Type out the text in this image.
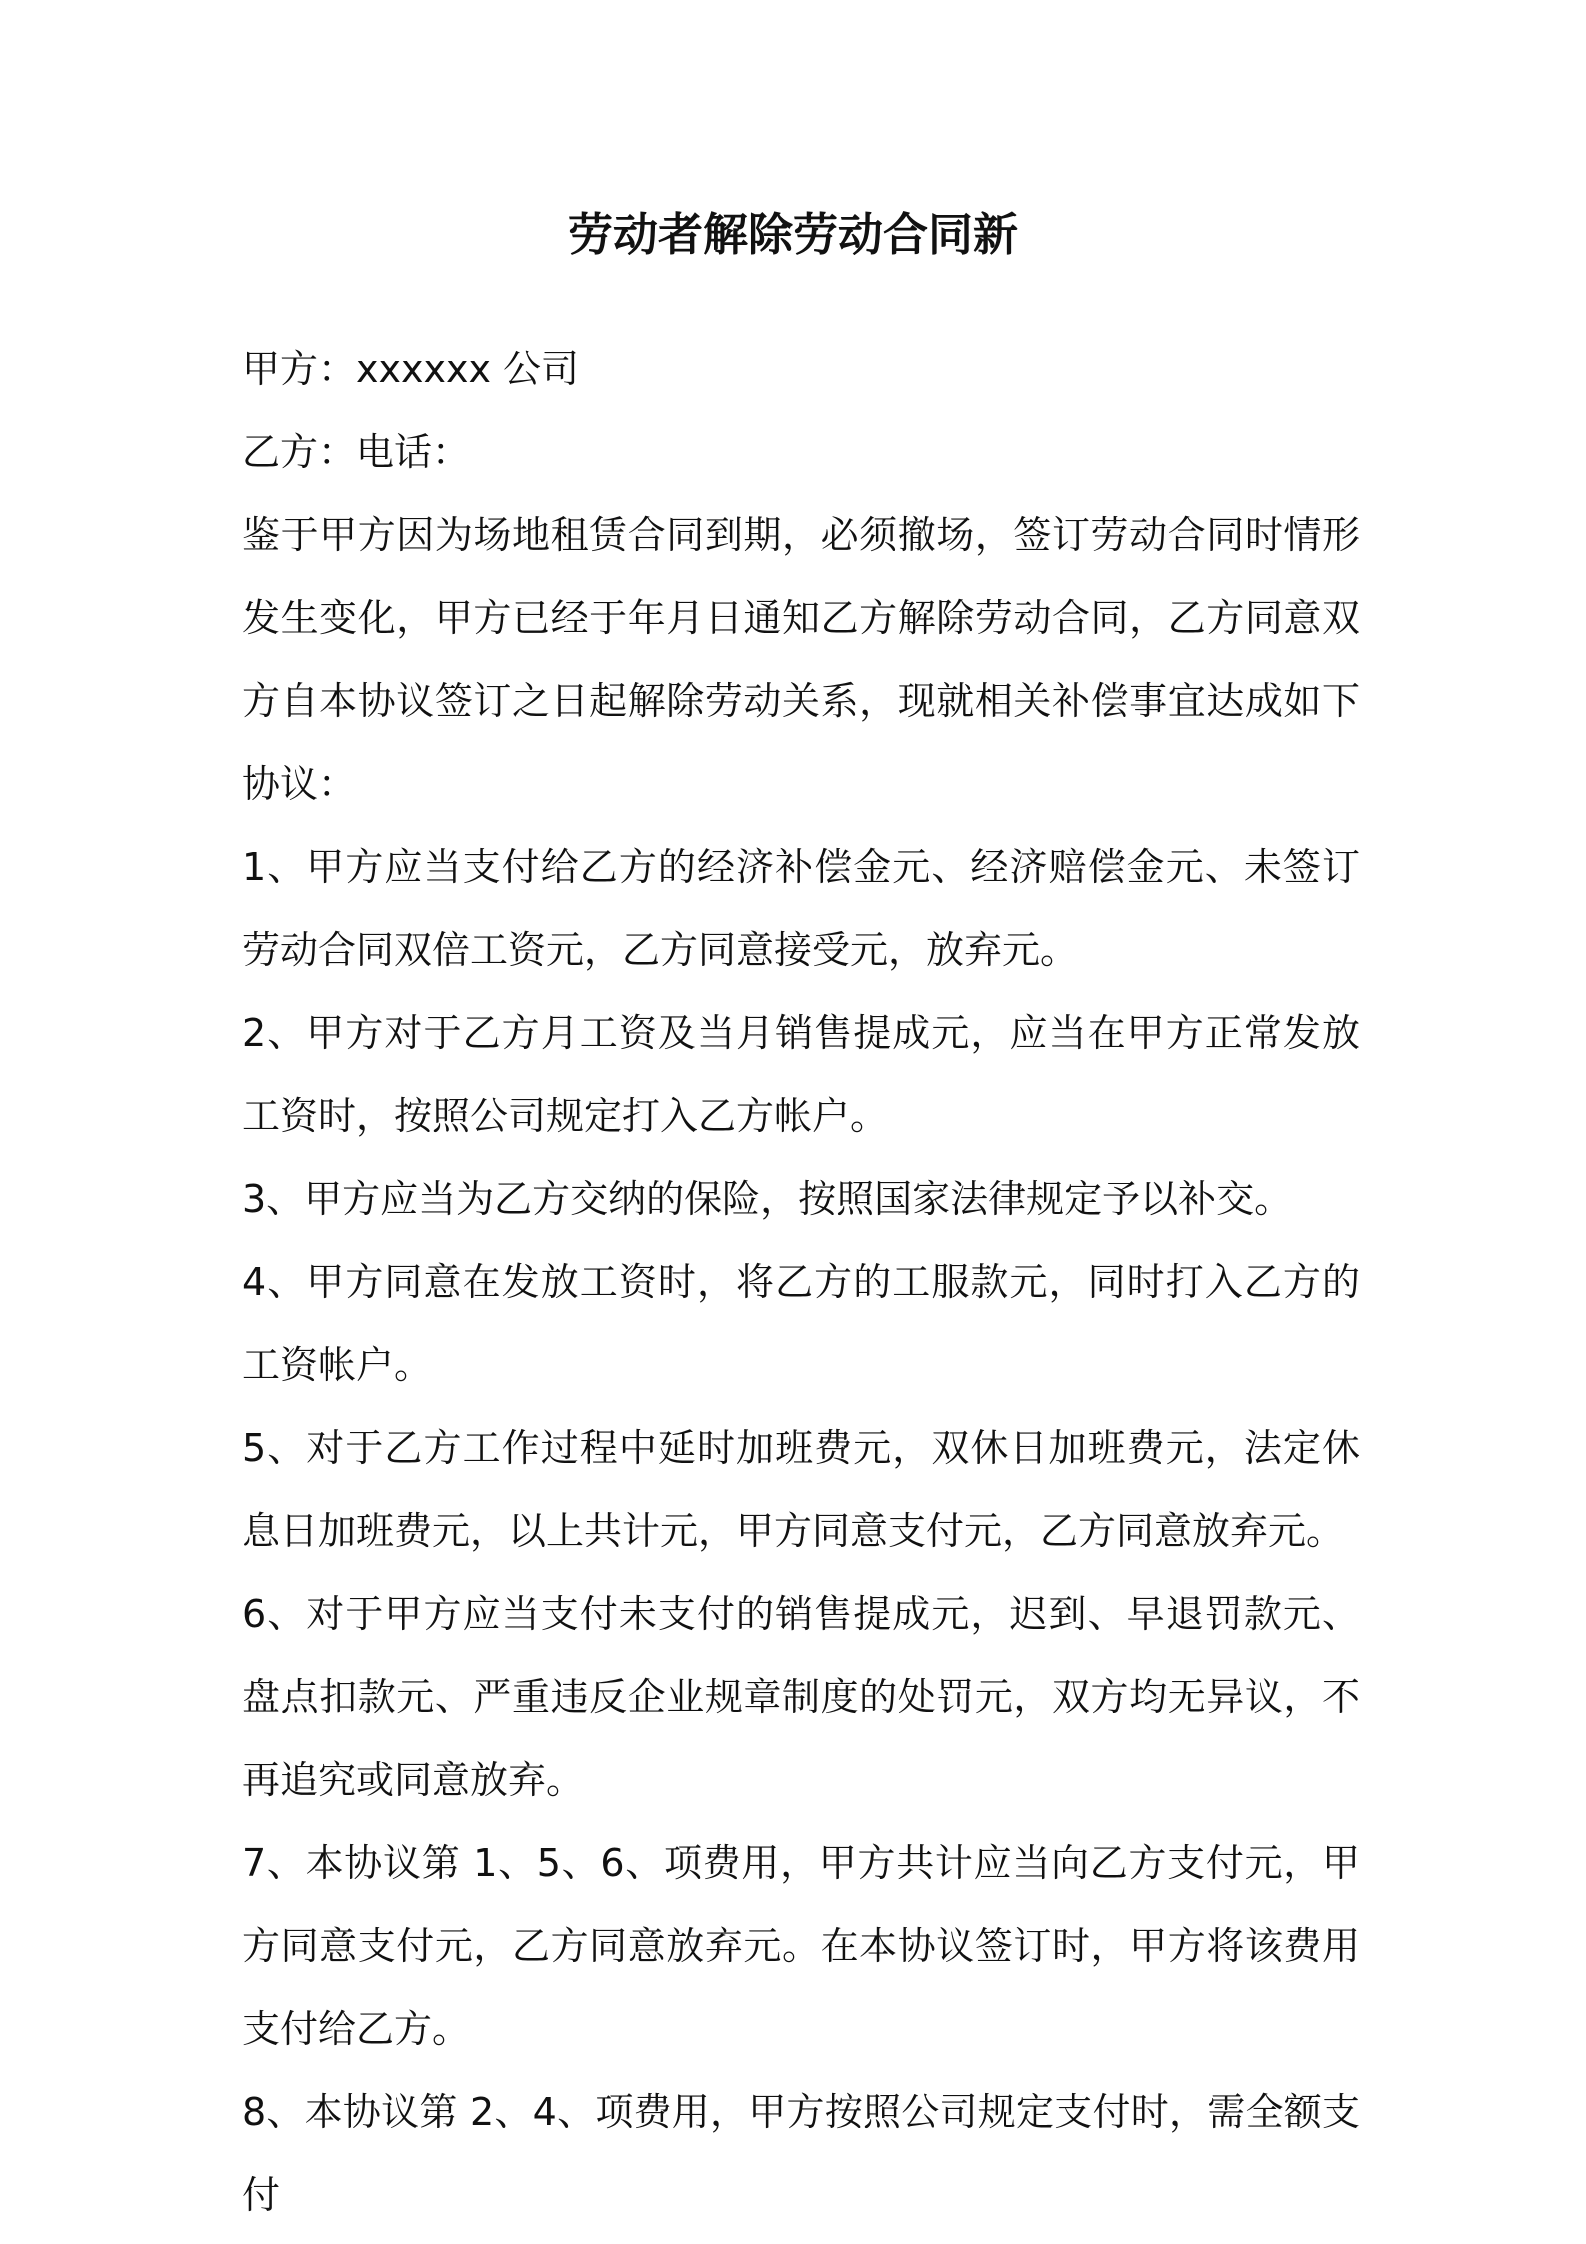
劳动者解除劳动合同新

甲方：xxxxxx 公司

乙方：电话：

鉴于甲方因为场地租赁合同到期，必须撤场，签订劳动合同时情形发生变化，甲方已经于年月日通知乙方解除劳动合同，乙方同意双方自本协议签订之日起解除劳动关系，现就相关补偿事宜达成如下协议：

1、甲方应当支付给乙方的经济补偿金元、经济赔偿金元、未签订劳动合同双倍工资元，乙方同意接受元，放弃元。

2、甲方对于乙方月工资及当月销售提成元，应当在甲方正常发放工资时，按照公司规定打入乙方帐户。

3、甲方应当为乙方交纳的保险，按照国家法律规定予以补交。

4、甲方同意在发放工资时，将乙方的工服款元，同时打入乙方的工资帐户。

5、对于乙方工作过程中延时加班费元，双休日加班费元，法定休息日加班费元，以上共计元，甲方同意支付元，乙方同意放弃元。

6、对于甲方应当支付未支付的销售提成元，迟到、早退罚款元、盘点扣款元、严重违反企业规章制度的处罚元，双方均无异议，不再追究或同意放弃。

7、本协议第 1、5、6、项费用，甲方共计应当向乙方支付元，甲方同意支付元，乙方同意放弃元。在本协议签订时，甲方将该费用支付给乙方。

8、本协议第 2、4、项费用，甲方按照公司规定支付时，需全额支付
